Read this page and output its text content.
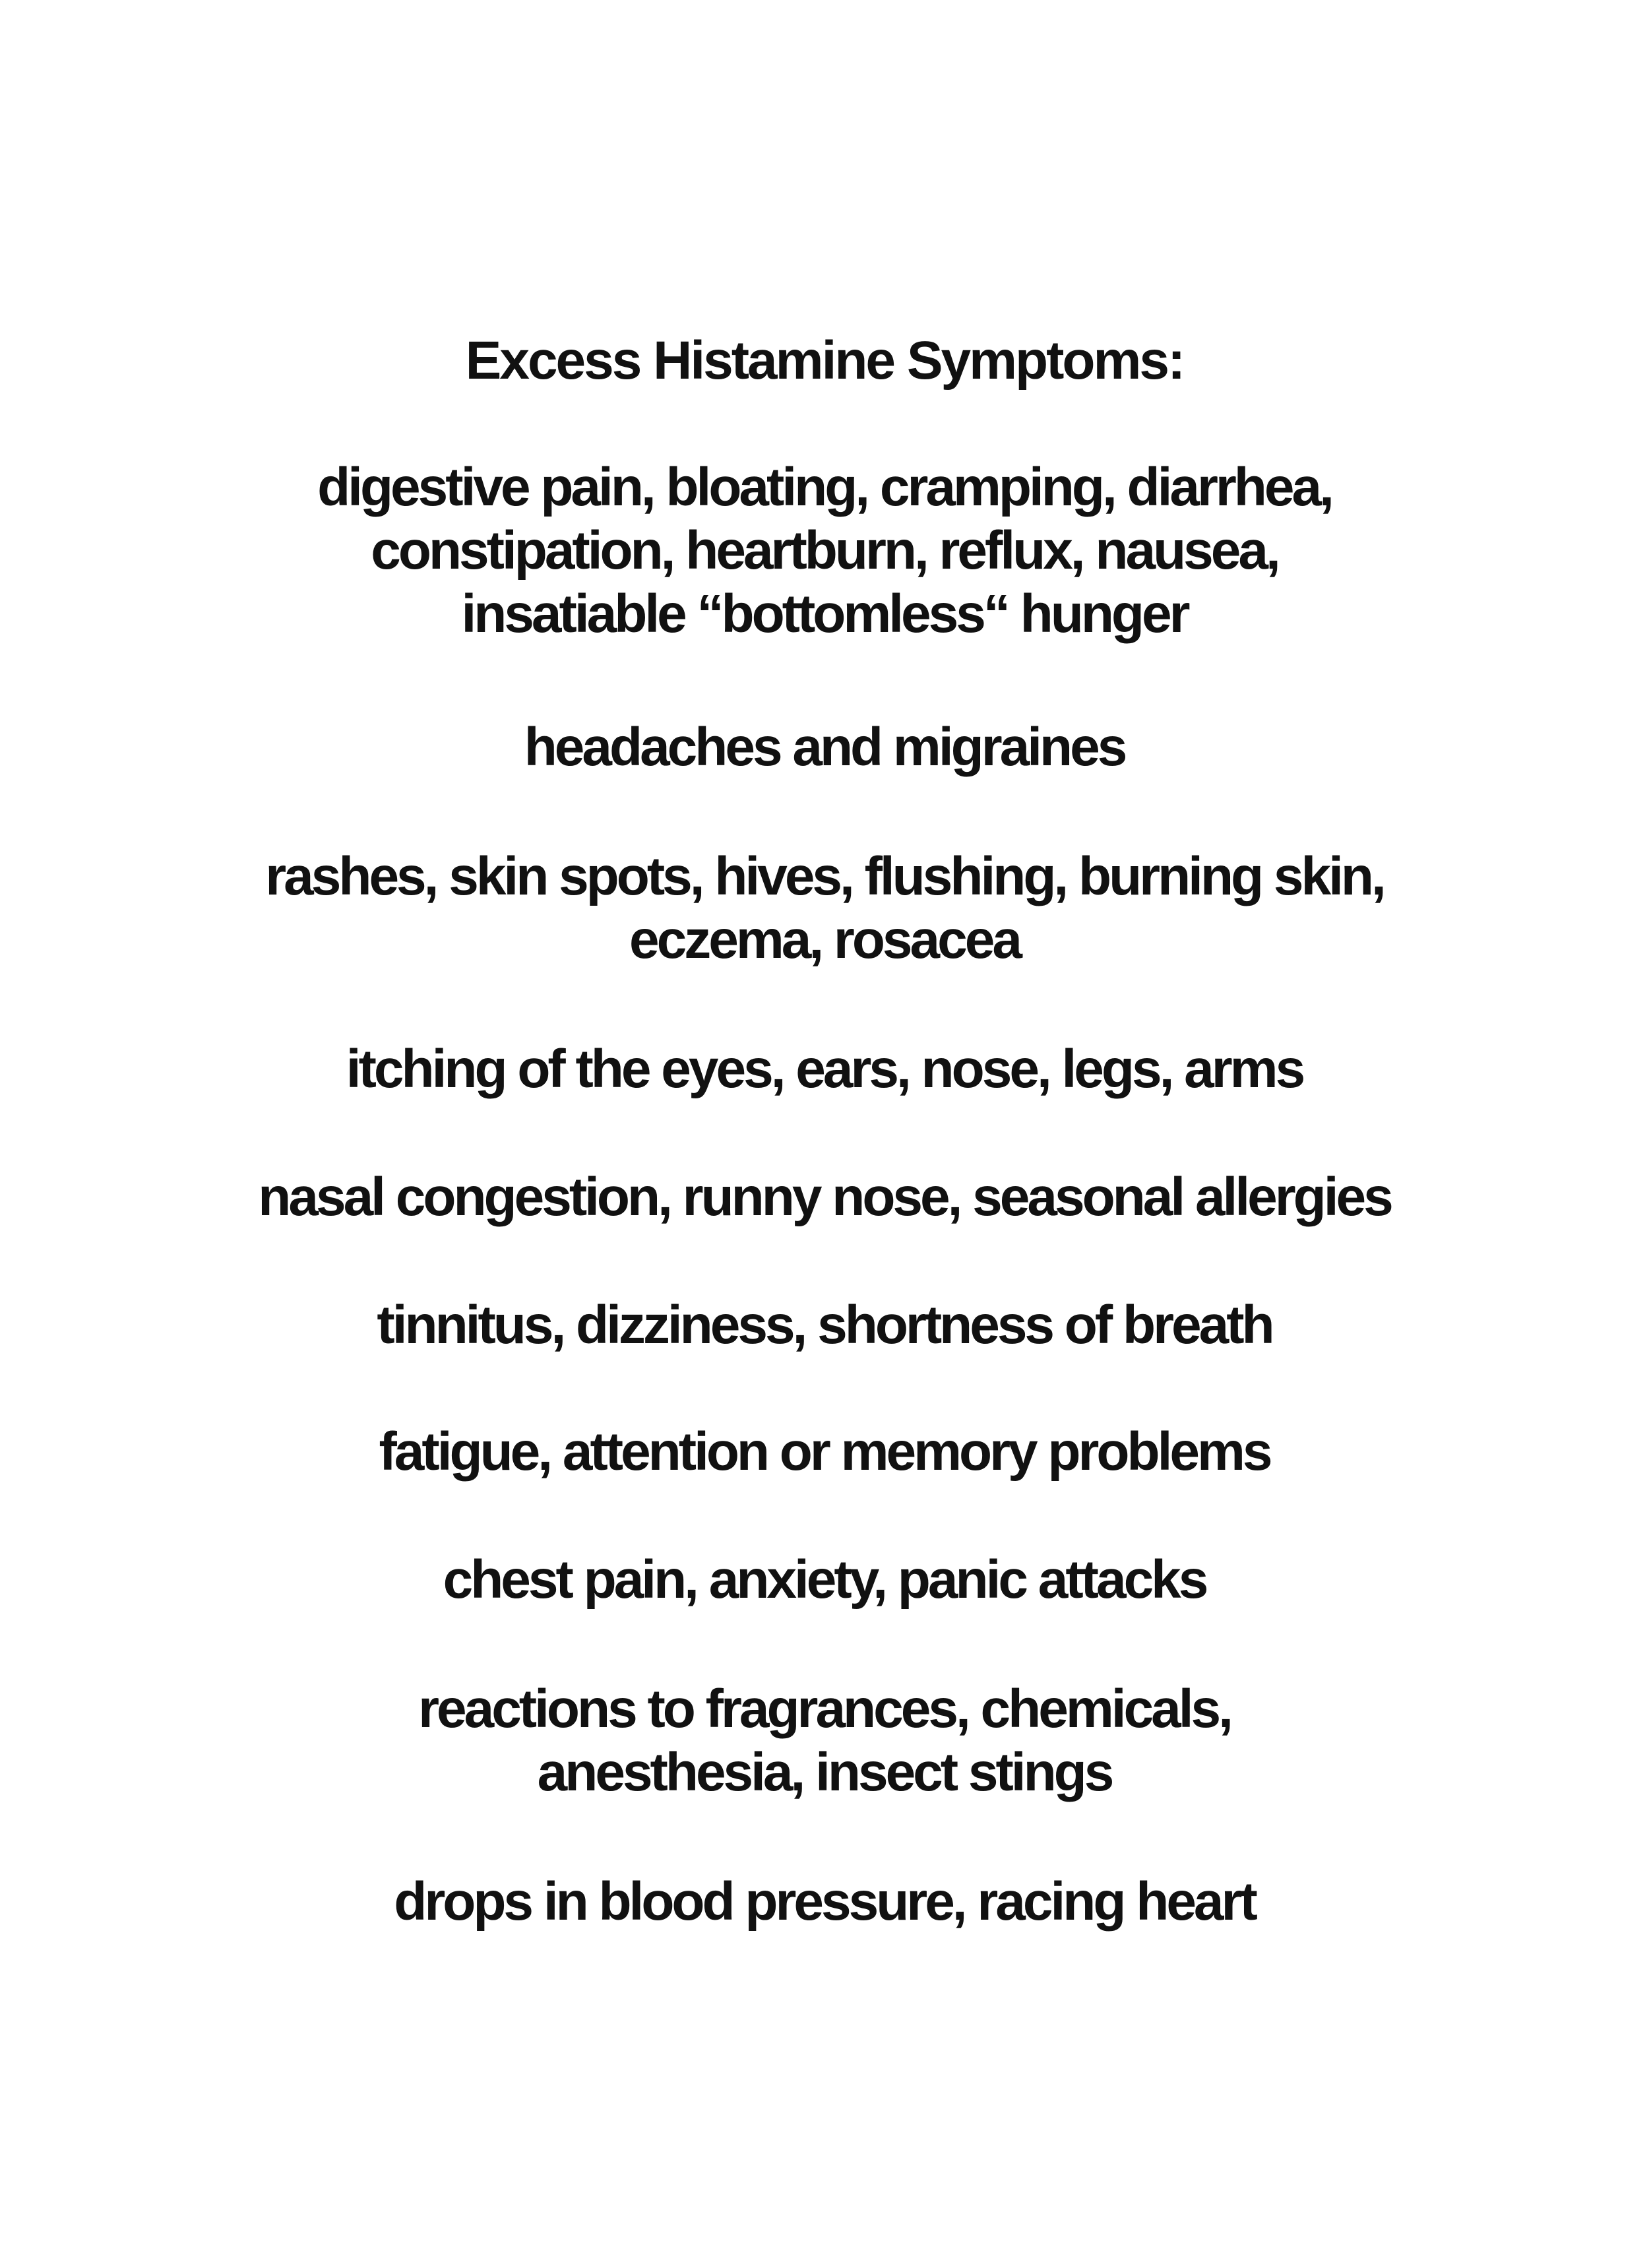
Excess Histamine Symptoms:

digestive pain, bloating, cramping, diarrhea,

constipation, heartburn, reflux, nausea,

insatiable “bottomless“ hunger

headaches and migraines

rashes, skin spots, hives, flushing, burning skin,

eczema, rosacea

itching of the eyes, ears, nose, legs, arms

nasal congestion, runny nose, seasonal allergies

tinnitus, dizziness, shortness of breath

fatigue, attention or memory problems

chest pain, anxiety, panic attacks

reactions to fragrances, chemicals,

anesthesia, insect stings

drops in blood pressure, racing heart
